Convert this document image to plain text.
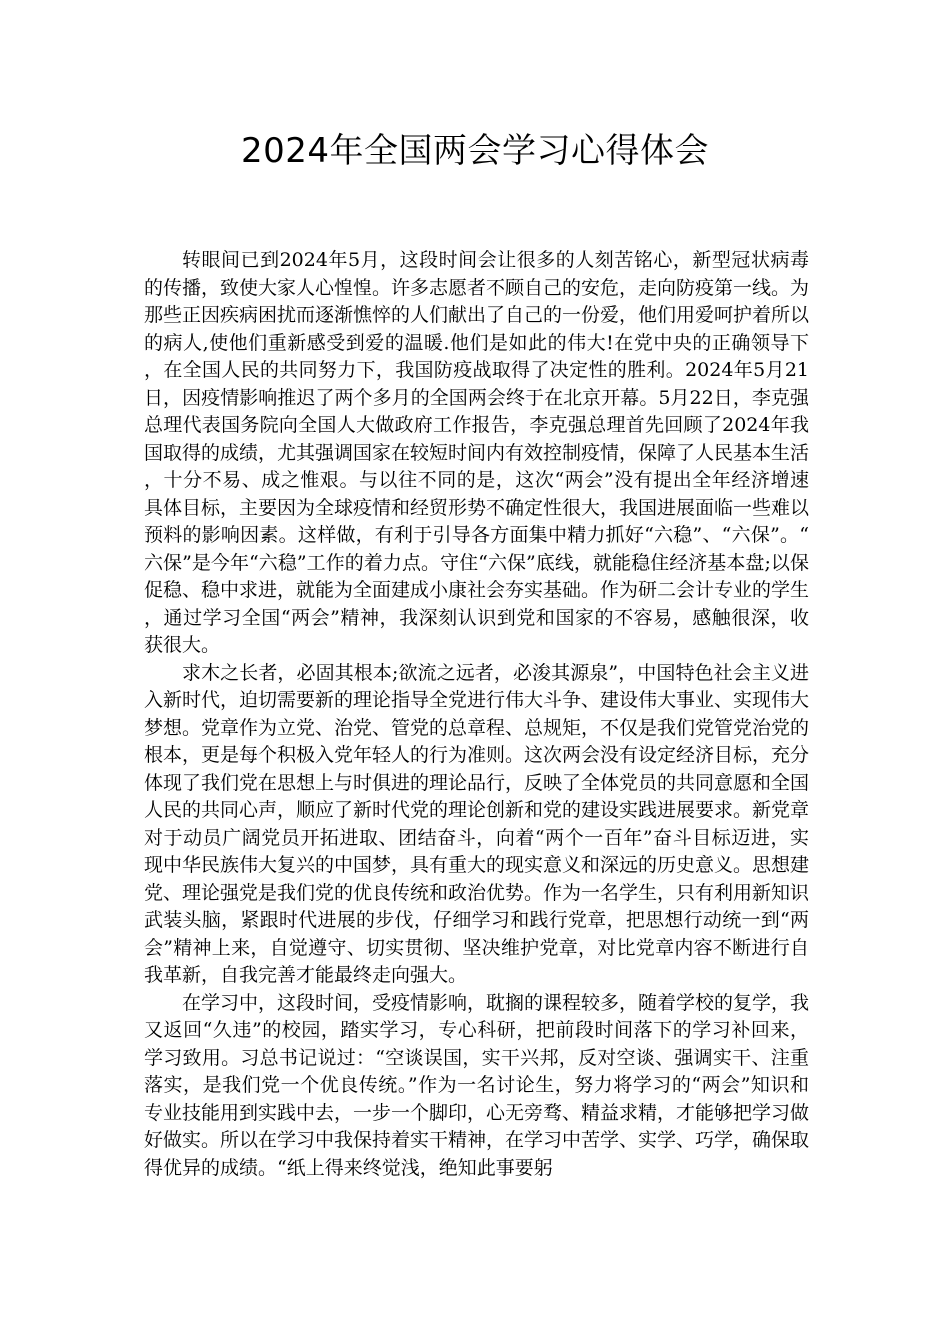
2024年全国两会学习心得体会

转眼间已到2024年5月，这段时间会让很多的人刻苦铭心，新型冠状病毒的传播，致使大家人心惶惶。许多志愿者不顾自己的安危，走向防疫第一线。为那些正因疾病困扰而逐渐憔悴的人们献出了自己的一份爱，他们用爱呵护着所以的病人,使他们重新感受到爱的温暖.他们是如此的伟大!在党中央的正确领导下，在全国人民的共同努力下，我国防疫战取得了决定性的胜利。2024年5月21日，因疫情影响推迟了两个多月的全国两会终于在北京开幕。5月22日，李克强总理代表国务院向全国人大做政府工作报告，李克强总理首先回顾了2024年我国取得的成绩，尤其强调国家在较短时间内有效控制疫情，保障了人民基本生活，十分不易、成之惟艰。与以往不同的是，这次“两会”没有提出全年经济增速具体目标，主要因为全球疫情和经贸形势不确定性很大，我国进展面临一些难以预料的影响因素。这样做，有利于引导各方面集中精力抓好“六稳”、“六保”。“六保”是今年“六稳”工作的着力点。守住“六保”底线，就能稳住经济基本盘;以保促稳、稳中求进，就能为全面建成小康社会夯实基础。作为研二会计专业的学生，通过学习全国“两会”精神，我深刻认识到党和国家的不容易，感触很深，收获很大。

求木之长者，必固其根本;欲流之远者，必浚其源泉”，中国特色社会主义进入新时代，迫切需要新的理论指导全党进行伟大斗争、建设伟大事业、实现伟大梦想。党章作为立党、治党、管党的总章程、总规矩，不仅是我们党管党治党的根本，更是每个积极入党年轻人的行为准则。这次两会没有设定经济目标，充分体现了我们党在思想上与时俱进的理论品行，反映了全体党员的共同意愿和全国人民的共同心声，顺应了新时代党的理论创新和党的建设实践进展要求。新党章对于动员广阔党员开拓进取、团结奋斗，向着“两个一百年”奋斗目标迈进，实现中华民族伟大复兴的中国梦，具有重大的现实意义和深远的历史意义。思想建党、理论强党是我们党的优良传统和政治优势。作为一名学生，只有利用新知识武装头脑，紧跟时代进展的步伐，仔细学习和践行党章，把思想行动统一到“两会”精神上来，自觉遵守、切实贯彻、坚决维护党章，对比党章内容不断进行自我革新，自我完善才能最终走向强大。

在学习中，这段时间，受疫情影响，耽搁的课程较多，随着学校的复学，我又返回“久违”的校园，踏实学习，专心科研，把前段时间落下的学习补回来，学习致用。习总书记说过：“空谈误国，实干兴邦，反对空谈、强调实干、注重落实，是我们党一个优良传统。”作为一名讨论生，努力将学习的“两会”知识和专业技能用到实践中去，一步一个脚印，心无旁骛、精益求精，才能够把学习做好做实。所以在学习中我保持着实干精神，在学习中苦学、实学、巧学，确保取得优异的成绩。“纸上得来终觉浅，绝知此事要躬
